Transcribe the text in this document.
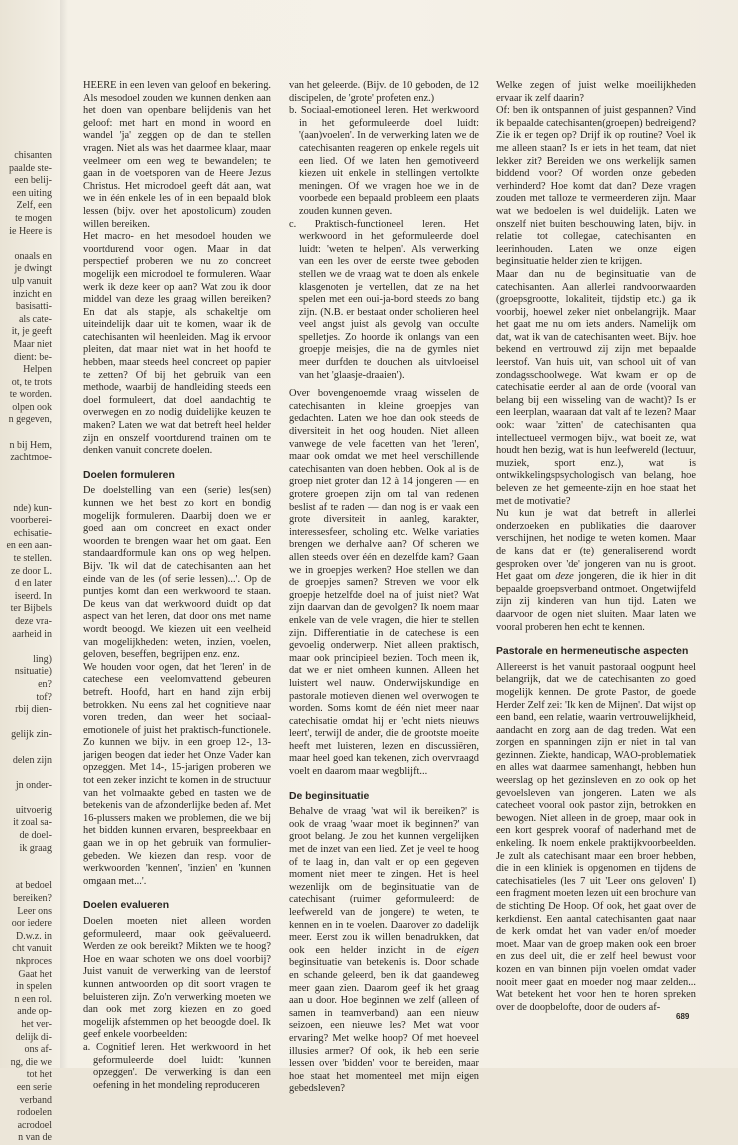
chisanten
paalde ste-
een belij-
een uiting
Zelf, een
te mogen
ie Heere is
onaals en
je dwingt
ulp vanuit
inzicht en
basisatti-
als cate-
it, je geeft
Maar niet
dient: be-
Helpen
ot, te trots
te worden.
olpen ook
n gegeven,
n bij Hem,
zachtmoe-
nde) kun-
voorberei-
echisatie-
en een aan-
te stellen.
ze door L.
d en later
iseerd. In
ter Bijbels
deze vra-
aarheid in
ling)
nsituatie)
en?
tof?
rbij dien-
gelijk zin-
delen zijn
jn onder-
uitvoerig
it zoal sa-
de doel-
ik graag
at bedoel
bereiken?
Leer ons
oor iedere
D.w.z. in
cht vanuit
nkproces
Gaat het
in spelen
n een rol.
ande op-
het ver-
delijk di-
ons af-
ng, die we
tot het
een serie
verband
rodoelen
acrodoel
n van de

HEERE in een leven van geloof en bekering. Als mesodoel zouden we kunnen denken aan het doen van openbare belijdenis van het geloof: met hart en mond in woord en wandel 'ja' zeggen op de dan te stellen vragen. Niet als was het daarmee klaar, maar veelmeer om een weg te bewandelen; te gaan in de voetsporen van de Heere Jezus Christus. Het microdoel geeft dát aan, wat we in één enkele les of in een bepaald blok lessen (bijv. over het apostolicum) zouden willen bereiken.

Het macro- en het mesodoel houden we voortdurend voor ogen. Maar in dat perspectief proberen we nu zo concreet mogelijk een microdoel te formuleren. Waar werk ik deze keer op aan? Wat zou ik door middel van deze les graag willen bereiken? En dat als stapje, als schakeltje om uiteindelijk daar uit te komen, waar ik de catechisanten wil heenleiden. Mag ik ervoor pleiten, dat maar niet wat in het hoofd te hebben, maar steeds heel concreet op papier te zetten? Of bij het gebruik van een methode, waarbij de handleiding steeds een doel formuleert, dat doel aandachtig te overwegen en zo nodig duidelijke keuzen te maken? Laten we wat dat betreft heel helder zijn en onszelf voortdurend trainen om te denken vanuit concrete doelen.

Doelen formuleren

De doelstelling van een (serie) les(sen) kunnen we het best zo kort en bondig mogelijk formuleren. Daarbij doen we er goed aan om concreet en exact onder woorden te brengen waar het om gaat. Een standaardformule kan ons op weg helpen. Bijv. 'Ik wil dat de catechisanten aan het einde van de les (of serie lessen)...'. Op de puntjes komt dan een werkwoord te staan. De keus van dat werkwoord duidt op dat aspect van het leren, dat door ons met name wordt beoogd. We kiezen uit een veelheid van mogelijkheden: weten, inzien, voelen, geloven, beseffen, begrijpen enz. enz.

We houden voor ogen, dat het 'leren' in de catechese een veelomvattend gebeuren betreft. Hoofd, hart en hand zijn erbij betrokken. Nu eens zal het cognitieve naar voren treden, dan weer het sociaal-emotionele of juist het praktisch-functionele. Zo kunnen we bijv. in een groep 12-, 13-jarigen beogen dat ieder het Onze Vader kan opzeggen. Met 14-, 15-jarigen proberen we tot een zeker inzicht te komen in de structuur van het volmaakte gebed en tasten we de betekenis van de afzonderlijke beden af. Met 16-plussers maken we problemen, die we bij het bidden kunnen ervaren, bespreekbaar en gaan we in op het gebruik van formulier-gebeden. We kiezen dan resp. voor de werkwoorden 'kennen', 'inzien' en 'kunnen omgaan met...'.

Doelen evalueren

Doelen moeten niet alleen worden geformuleerd, maar ook geëvalueerd. Werden ze ook bereikt? Mikten we te hoog? Hoe en waar schoten we ons doel voorbij? Juist vanuit de verwerking van de leerstof kunnen antwoorden op dit soort vragen te beluisteren zijn. Zo'n verwerking moeten we dan ook met zorg kiezen en zo goed mogelijk afstemmen op het beoogde doel. Ik geef enkele voorbeelden:

a. Cognitief leren. Het werkwoord in het geformuleerde doel luidt: 'kunnen opzeggen'. De verwerking is dan een oefening in het mondeling reproduceren

van het geleerde. (Bijv. de 10 geboden, de 12 discipelen, de 'grote' profeten enz.)

b. Sociaal-emotioneel leren. Het werkwoord in het geformuleerde doel luidt: '(aan)voelen'. In de verwerking laten we de catechisanten reageren op enkele regels uit een lied. Of we laten hen gemotiveerd kiezen uit enkele in stellingen vertolkte meningen. Of we vragen hoe we in de voorbede een bepaald probleem een plaats zouden kunnen geven.

c. Praktisch-functioneel leren. Het werkwoord in het geformuleerde doel luidt: 'weten te helpen'. Als verwerking van een les over de eerste twee geboden stellen we de vraag wat te doen als enkele klasgenoten je vertellen, dat ze na het spelen met een oui-ja-bord steeds zo bang zijn. (N.B. er bestaat onder scholieren heel veel angst juist als gevolg van occulte spelletjes. Zo hoorde ik onlangs van een groepje meisjes, die na de gymles niet meer durfden te douchen als uitvloeisel van het 'glaasje-draaien').

Over bovengenoemde vraag wisselen de catechisanten in kleine groepjes van gedachten. Laten we hoe dan ook steeds de diversiteit in het oog houden. Niet alleen vanwege de vele facetten van het 'leren', maar ook omdat we met heel verschillende catechisanten van doen hebben. Ook al is de groep niet groter dan 12 à 14 jongeren — en grotere groepen zijn om tal van redenen beslist af te raden — dan nog is er vaak een grote diversiteit in aanleg, karakter, interessesfeer, scholing etc. Welke variaties brengen we derhalve aan? Of scheren we allen steeds over één en dezelfde kam? Gaan we in groepjes werken? Hoe stellen we dan de groepjes samen? Streven we voor elk groepje hetzelfde doel na of juist niet? Wat zijn daarvan dan de gevolgen? Ik noem maar enkele van de vele vragen, die hier te stellen zijn. Differentiatie in de catechese is een gevoelig onderwerp. Niet alleen praktisch, maar ook principieel bezien. Toch meen ik, dat we er niet omheen kunnen. Alleen het luistert wel nauw. Onderwijskundige en pastorale motieven dienen wel overwogen te worden. Soms komt de één niet meer naar catechisatie omdat hij er 'echt niets nieuws leert', terwijl de ander, die de grootste moeite heeft met luisteren, lezen en discussiëren, maar heel goed kan tekenen, zich overvraagd voelt en daarom maar wegblijft...

De beginsituatie

Behalve de vraag 'wat wil ik bereiken?' is ook de vraag 'waar moet ik beginnen?' van groot belang. Je zou het kunnen vergelijken met de inzet van een lied. Zet je veel te hoog of te laag in, dan valt er op een gegeven moment niet meer te zingen. Het is heel wezenlijk om de beginsituatie van de catechisant (ruimer geformuleerd: de leefwereld van de jongere) te weten, te kennen en in te voelen. Daarover zo dadelijk meer. Eerst zou ik willen benadrukken, dat ook een helder inzicht in de eigen beginsituatie van betekenis is. Door schade en schande geleerd, ben ik dat gaandeweg meer gaan zien. Daarom geef ik het graag aan u door. Hoe beginnen we zelf (alleen of samen in teamverband) aan een nieuw seizoen, een nieuwe les? Met wat voor ervaring? Met welke hoop? Of met hoeveel illusies armer? Of ook, ik heb een serie lessen over 'bidden' voor te bereiden, maar hoe staat het momenteel met mijn eigen gebedsleven?

Welke zegen of juist welke moeilijkheden ervaar ik zelf daarin?

Of: ben ik ontspannen of juist gespannen? Vind ik bepaalde catechisanten(groepen) bedreigend? Zie ik er tegen op? Drijf ik op routine? Voel ik me alleen staan? Is er iets in het team, dat niet lekker zit? Bereiden we ons werkelijk samen biddend voor? Of worden onze gebeden verhinderd? Hoe komt dat dan? Deze vragen zouden met talloze te vermeerderen zijn. Maar wat we bedoelen is wel duidelijk. Laten we onszelf niet buiten beschouwing laten, bijv. in relatie tot collegae, catechisanten en leerinhouden. Laten we onze eigen beginsituatie helder zien te krijgen.

Maar dan nu de beginsituatie van de catechisanten. Aan allerlei randvoorwaarden (groepsgrootte, lokaliteit, tijdstip etc.) ga ik voorbij, hoewel zeker niet onbelangrijk. Maar het gaat me nu om iets anders. Namelijk om dat, wat ik van de catechisanten weet. Bijv. hoe bekend en vertrouwd zij zijn met bepaalde leerstof. Van huis uit, van school uit of van zondagsschoolwege. Wat kwam er op de catechisatie eerder al aan de orde (vooral van belang bij een wisseling van de wacht)? Is er een leerplan, waaraan dat valt af te lezen? Maar ook: waar 'zitten' de catechisanten qua intellectueel vermogen bijv., wat boeit ze, wat houdt hen bezig, wat is hun leefwereld (lectuur, muziek, sport enz.), wat is ontwikkelingspsychologisch van belang, hoe beleven ze het gemeente-zijn en hoe staat het met de motivatie?

Nu kun je wat dat betreft in allerlei onderzoeken en publikaties die daarover verschijnen, het nodige te weten komen. Maar de kans dat er (te) generaliserend wordt gesproken over 'de' jongeren van nu is groot. Het gaat om deze jongeren, die ik hier in dit bepaalde groepsverband ontmoet. Ongetwijfeld zijn zij kinderen van hun tijd. Laten we daarvoor de ogen niet sluiten. Maar laten we vooral proberen hen echt te kennen.

Pastorale en hermeneutische aspecten

Allereerst is het vanuit pastoraal oogpunt heel belangrijk, dat we de catechisanten zo goed mogelijk kennen. De grote Pastor, de goede Herder Zelf zei: 'Ik ken de Mijnen'. Dat wijst op een band, een relatie, waarin vertrouwelijkheid, aandacht en zorg aan de dag treden. Wat een zorgen en spanningen zijn er niet in tal van gezinnen. Ziekte, handicap, WAO-problematiek en alles wat daarmee samenhangt, hebben hun weerslag op het gezinsleven en zo ook op het gevoelsleven van jongeren. Laten we als catecheet vooral ook pastor zijn, betrokken en bewogen. Niet alleen in de groep, maar ook in een kort gesprek vooraf of naderhand met de enkeling. Ik noem enkele praktijkvoorbeelden. Je zult als catechisant maar een broer hebben, die in een kliniek is opgenomen en tijdens de catechisatieles (les 7 uit 'Leer ons geloven' I) een fragment moeten lezen uit een brochure van de stichting De Hoop. Of ook, het gaat over de kerkdienst. Een aantal catechisanten gaat naar de kerk omdat het van vader en/of moeder moet. Maar van de groep maken ook een broer en zus deel uit, die er zelf heel bewust voor kozen en van binnen pijn voelen omdat vader nooit meer gaat en moeder nog maar zelden... Wat betekent het voor hen te horen spreken over de doopbelofte, door de ouders af-

689
